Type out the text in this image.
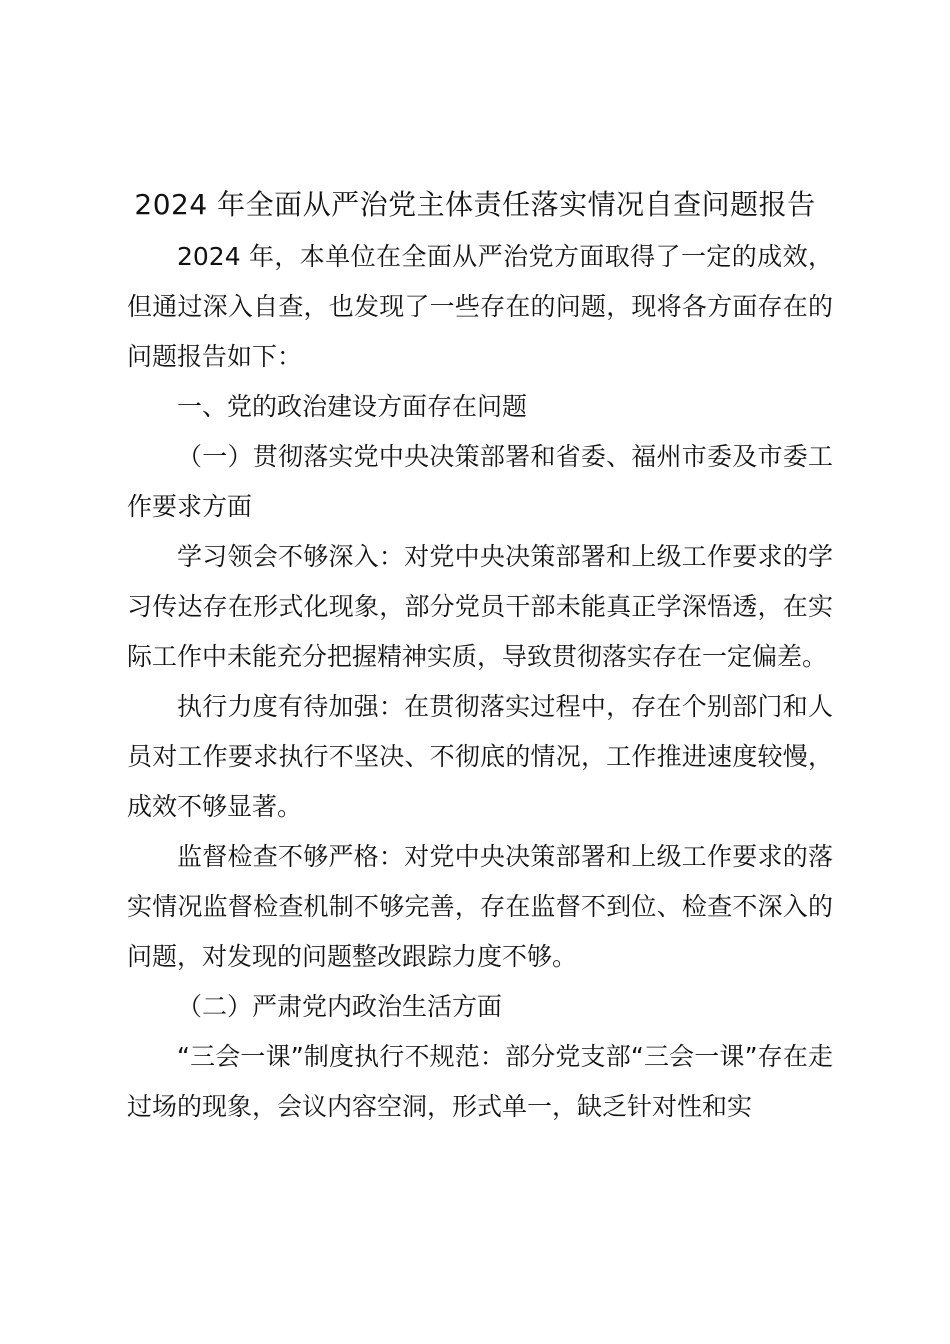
2024 年全面从严治党主体责任落实情况自查问题报告

2024 年，本单位在全面从严治党方面取得了一定的成效，但通过深入自查，也发现了一些存在的问题，现将各方面存在的问题报告如下：

一、党的政治建设方面存在问题

（一）贯彻落实党中央决策部署和省委、福州市委及市委工作要求方面

学习领会不够深入：对党中央决策部署和上级工作要求的学习传达存在形式化现象，部分党员干部未能真正学深悟透，在实际工作中未能充分把握精神实质，导致贯彻落实存在一定偏差。

执行力度有待加强：在贯彻落实过程中，存在个别部门和人员对工作要求执行不坚决、不彻底的情况，工作推进速度较慢，成效不够显著。

监督检查不够严格：对党中央决策部署和上级工作要求的落实情况监督检查机制不够完善，存在监督不到位、检查不深入的问题，对发现的问题整改跟踪力度不够。

（二）严肃党内政治生活方面

“三会一课”制度执行不规范：部分党支部“三会一课”存在走过场的现象，会议内容空洞，形式单一，缺乏针对性和实
